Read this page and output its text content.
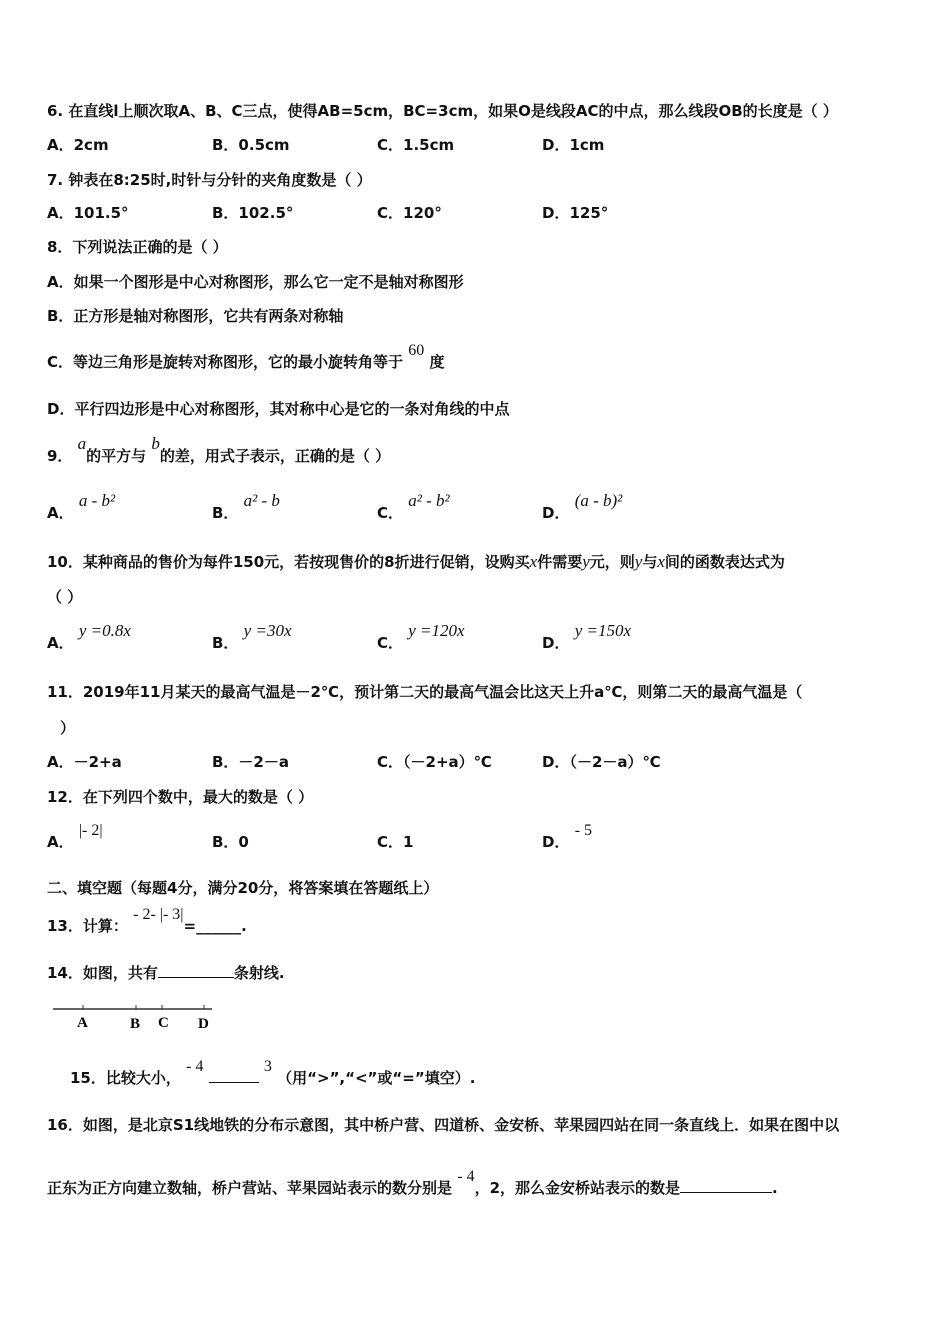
6. 在直线l上顺次取A、B、C三点，使得AB=5cm，BC=3cm，如果O是线段AC的中点，那么线段OB的长度是（ ）
A．2cm	B．0.5cm	C．1.5cm	D．1cm
7. 钟表在8:25时,时针与分针的夹角度数是（ ）
A．101.5°	B．102.5°	C．120°	D．125°
8．下列说法正确的是（ ）
A．如果一个图形是中心对称图形，那么它一定不是轴对称图形
B．正方形是轴对称图形，它共有两条对称轴
C．等边三角形是旋转对称图形，它的最小旋转角等于 60 度
D．平行四边形是中心对称图形，其对称中心是它的一条对角线的中点
9． a的平方与 b的差，用式子表示，正确的是（ ）
A． a - b²
B． a² - b
C． a² - b²
D． (a - b)²
10．某种商品的售价为每件150元，若按现售价的8折进行促销，设购买x件需要y元，则y与x间的函数表达式为
（ ）
A． y =0.8x
B． y =30x
C． y =120x
D． y =150x
11．2019年11月某天的最高气温是－2℃，预计第二天的最高气温会比这天上升a℃，则第二天的最高气温是（
）
A．－2+a	B．－2－a	C．（－2+a）℃	D．（－2－a）℃
12．在下列四个数中，最大的数是（ ）
A． |- 2|
B．0	C．1	D． - 5
二、填空题（每题4分，满分20分，将答案填在答题纸上）
13．计算： - 2- |- 3|=______.
14．如图，共有	条射线.
A	B C D
15．比较大小， - 4	3 （用“>”,“<”或“=”填空）.
16．如图，是北京S1线地铁的分布示意图，其中桥户营、四道桥、金安桥、苹果园四站在同一条直线上．如果在图中以
正东为正方向建立数轴，桥户营站、苹果园站表示的数分别是 - 4，2，那么金安桥站表示的数是	.
